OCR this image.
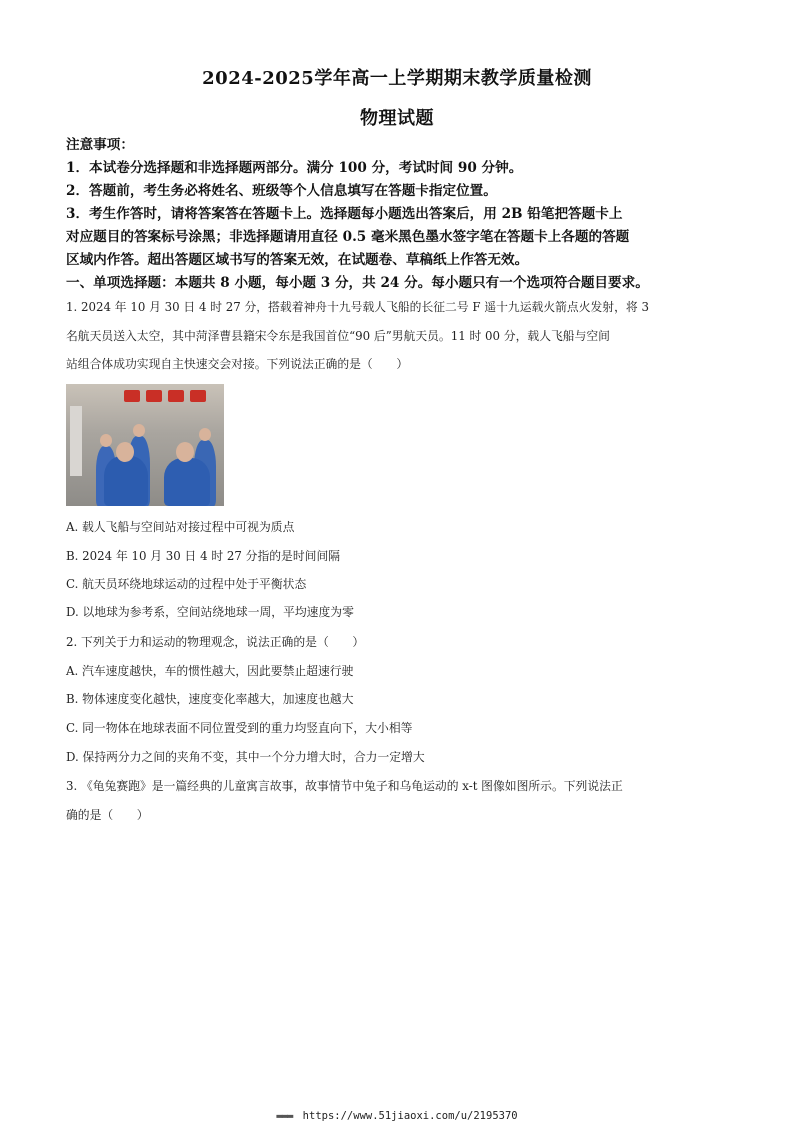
2024-2025学年高一上学期期末教学质量检测
物理试题
注意事项：
1．本试卷分选择题和非选择题两部分。满分 100 分，考试时间 90 分钟。
2．答题前，考生务必将姓名、班级等个人信息填写在答题卡指定位置。
3．考生作答时，请将答案答在答题卡上。选择题每小题选出答案后，用 2B 铅笔把答题卡上
对应题目的答案标号涂黑；非选择题请用直径 0.5 毫米黑色墨水签字笔在答题卡上各题的答题
区域内作答。超出答题区域书写的答案无效，在试题卷、草稿纸上作答无效。
一、单项选择题：本题共 8 小题，每小题 3 分，共 24 分。每小题只有一个选项符合题目要求。
1. 2024 年 10 月 30 日 4 时 27 分，搭载着神舟十九号载人飞船的长征二号 F 遥十九运载火箭点火发射，将 3
名航天员送入太空，其中菏泽曹县籍宋令东是我国首位“90 后”男航天员。11 时 00 分，载人飞船与空间
站组合体成功实现自主快速交会对接。下列说法正确的是（　　）
A. 载人飞船与空间站对接过程中可视为质点
B. 2024 年 10 月 30 日 4 时 27 分指的是时间间隔
C. 航天员环绕地球运动的过程中处于平衡状态
D. 以地球为参考系，空间站绕地球一周，平均速度为零
2. 下列关于力和运动的物理观念，说法正确的是（　　）
A. 汽车速度越快，车的惯性越大，因此要禁止超速行驶
B. 物体速度变化越快，速度变化率越大，加速度也越大
C. 同一物体在地球表面不同位置受到的重力均竖直向下，大小相等
D. 保持两分力之间的夹角不变，其中一个分力增大时，合力一定增大
3. 《龟兔赛跑》是一篇经典的儿童寓言故事，故事情节中兔子和乌龟运动的 x-t 图像如图所示。下列说法正
确的是（　　）
▬▬▬ https://www.51jiaoxi.com/u/2195370
